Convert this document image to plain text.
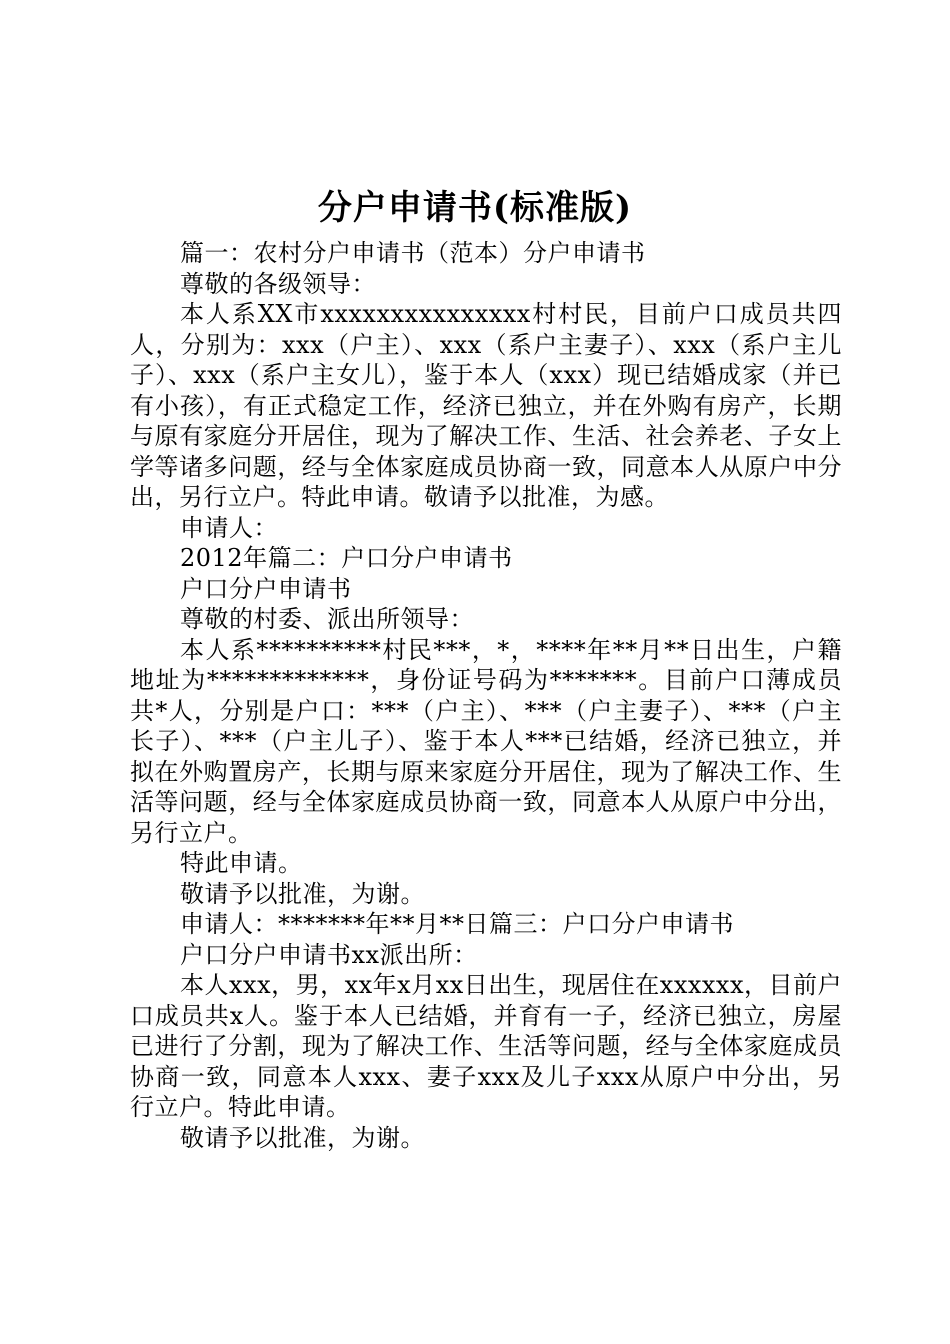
分户申请书(标准版)

篇一：农村分户申请书（范本）分户申请书

尊敬的各级领导：

本人系XX市xxxxxxxxxxxxxxx村村民，目前户口成员共四人，分别为：xxx（户主）、xxx（系户主妻子）、xxx（系户主儿子）、xxx（系户主女儿），鉴于本人（xxx）现已结婚成家（并已有小孩），有正式稳定工作，经济已独立，并在外购有房产，长期与原有家庭分开居住，现为了解决工作、生活、社会养老、子女上学等诸多问题，经与全体家庭成员协商一致，同意本人从原户中分出，另行立户。特此申请。敬请予以批准，为感。

申请人：

2012年篇二：户口分户申请书

户口分户申请书

尊敬的村委、派出所领导：

本人系**********村民***，*，****年**月**日出生，户籍地址为*************，身份证号码为*******。目前户口薄成员共*人，分别是户口：***（户主）、***（户主妻子）、***（户主长子）、***（户主儿子）、鉴于本人***已结婚，经济已独立，并拟在外购置房产，长期与原来家庭分开居住，现为了解决工作、生活等问题，经与全体家庭成员协商一致，同意本人从原户中分出，另行立户。

特此申请。

敬请予以批准，为谢。

申请人：*******年**月**日篇三：户口分户申请书

户口分户申请书xx派出所：

本人xxx，男，xx年x月xx日出生，现居住在xxxxxx，目前户口成员共x人。鉴于本人已结婚，并育有一子，经济已独立，房屋已进行了分割，现为了解决工作、生活等问题，经与全体家庭成员协商一致，同意本人xxx、妻子xxx及儿子xxx从原户中分出，另行立户。特此申请。

敬请予以批准，为谢。
